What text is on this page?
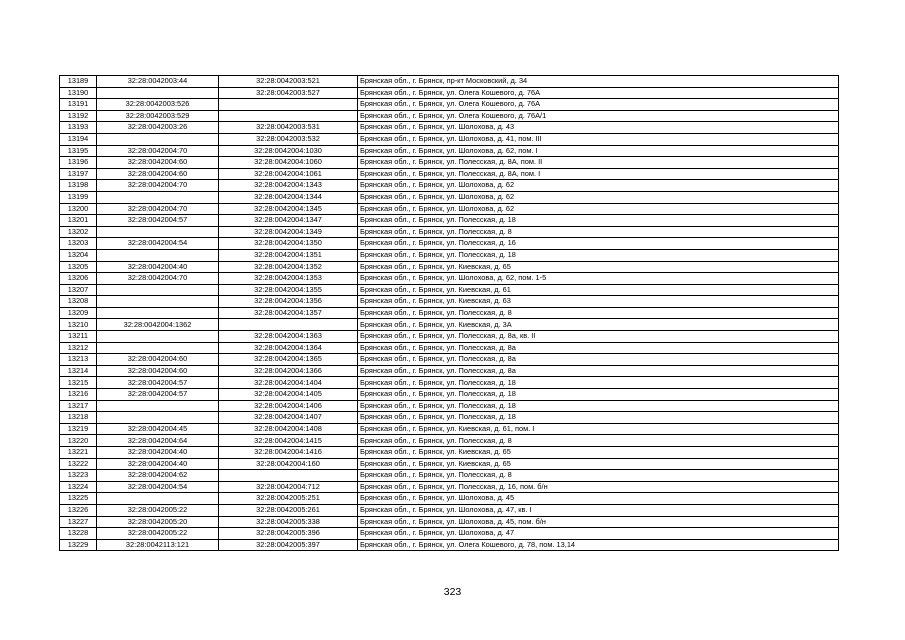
13189	32:28:0042003:44	32:28:0042003:521	Брянская обл., г. Брянск, пр-кт Московский, д. 34
13190		32:28:0042003:527	Брянская обл., г. Брянск, ул. Олега Кошевого, д. 76А
13191	32:28:0042003:526		Брянская обл., г. Брянск, ул. Олега Кошевого, д. 76А
13192	32:28:0042003:529		Брянская обл., г. Брянск, ул. Олега Кошевого, д. 76А/1
13193	32:28:0042003:26	32:28:0042003:531	Брянская обл., г. Брянск, ул. Шолохова, д. 43
13194		32:28:0042003:532	Брянская обл., г. Брянск, ул. Шолохова, д. 41, пом. III
13195	32:28:0042004:70	32:28:0042004:1030	Брянская обл., г. Брянск, ул. Шолохова, д. 62, пом. I
13196	32:28:0042004:60	32:28:0042004:1060	Брянская обл., г. Брянск, ул. Полесская, д. 8А, пом. II
13197	32:28:0042004:60	32:28:0042004:1061	Брянская обл., г. Брянск, ул. Полесская, д. 8А, пом. I
13198	32:28:0042004:70	32:28:0042004:1343	Брянская обл., г. Брянск, ул. Шолохова, д. 62
13199		32:28:0042004:1344	Брянская обл., г. Брянск, ул. Шолохова, д. 62
13200	32:28:0042004:70	32:28:0042004:1345	Брянская обл., г. Брянск, ул. Шолохова, д. 62
13201	32:28:0042004:57	32:28:0042004:1347	Брянская обл., г. Брянск, ул. Полесская, д. 18
13202		32:28:0042004:1349	Брянская обл., г. Брянск, ул. Полесская, д. 8
13203	32:28:0042004:54	32:28:0042004:1350	Брянская обл., г. Брянск, ул. Полесская, д. 16
13204		32:28:0042004:1351	Брянская обл., г. Брянск, ул. Полесская, д. 18
13205	32:28:0042004:40	32:28:0042004:1352	Брянская обл., г. Брянск, ул. Киевская, д. 65
13206	32:28:0042004:70	32:28:0042004:1353	Брянская обл., г. Брянск, ул. Шолохова, д. 62, пом. 1-5
13207		32:28:0042004:1355	Брянская обл., г. Брянск, ул. Киевская, д. 61
13208		32:28:0042004:1356	Брянская обл., г. Брянск, ул. Киевская, д. 63
13209		32:28:0042004:1357	Брянская обл., г. Брянск, ул. Полесская, д. 8
13210	32:28:0042004:1362		Брянская обл., г. Брянск, ул. Киевская, д. 3А
13211		32:28:0042004:1363	Брянская обл., г. Брянск, ул. Полесская, д. 8а, кв. II
13212		32:28:0042004:1364	Брянская обл., г. Брянск, ул. Полесская, д. 8а
13213	32:28:0042004:60	32:28:0042004:1365	Брянская обл., г. Брянск, ул. Полесская, д. 8а
13214	32:28:0042004:60	32:28:0042004:1366	Брянская обл., г. Брянск, ул. Полесская, д. 8а
13215	32:28:0042004:57	32:28:0042004:1404	Брянская обл., г. Брянск, ул. Полесская, д. 18
13216	32:28:0042004:57	32:28:0042004:1405	Брянская обл., г. Брянск, ул. Полесская, д. 18
13217		32:28:0042004:1406	Брянская обл., г. Брянск, ул. Полесская, д. 18
13218		32:28:0042004:1407	Брянская обл., г. Брянск, ул. Полесская, д. 18
13219	32:28:0042004:45	32:28:0042004:1408	Брянская обл., г. Брянск, ул. Киевская, д. 61, пом. I
13220	32:28:0042004:64	32:28:0042004:1415	Брянская обл., г. Брянск, ул. Полесская, д. 8
13221	32:28:0042004:40	32:28:0042004:1416	Брянская обл., г. Брянск, ул. Киевская, д. 65
13222	32:28:0042004:40	32:28:0042004:160	Брянская обл., г. Брянск, ул. Киевская, д. 65
13223	32:28:0042004:62		Брянская обл., г. Брянск, ул. Полесская, д. 8
13224	32:28:0042004:54	32:28:0042004:712	Брянская обл., г. Брянск, ул. Полесская, д. 16, пом. б/н
13225		32:28:0042005:251	Брянская обл., г. Брянск, ул. Шолохова, д. 45
13226	32:28:0042005:22	32:28:0042005:261	Брянская обл., г. Брянск, ул. Шолохова, д. 47, кв. I
13227	32:28:0042005:20	32:28:0042005:338	Брянская обл., г. Брянск, ул. Шолохова, д. 45, пом. б/н
13228	32:28:0042005:22	32:28:0042005:396	Брянская обл., г. Брянск, ул. Шолохова, д. 47
13229	32:28:0042113:121	32:28:0042005:397	Брянская обл., г. Брянск, ул. Олега Кошевого, д. 78, пом. 13,14
323
